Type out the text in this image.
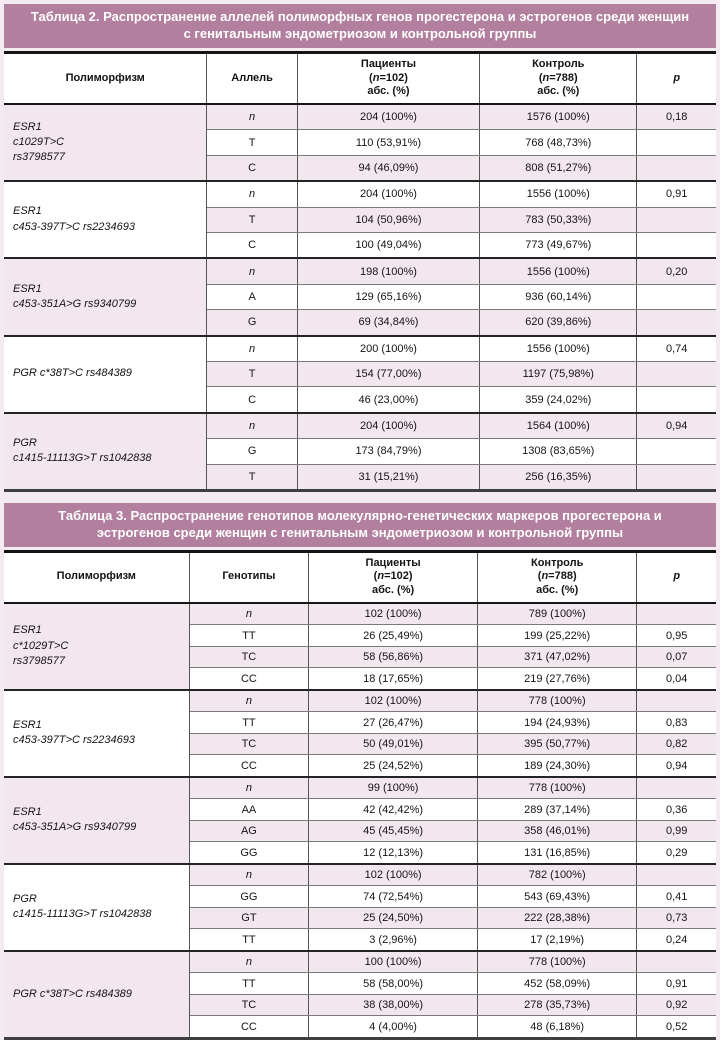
Таблица 2. Распространение аллелей полиморфных генов прогестерона и эстрогенов среди женщин с генитальным эндометриозом и контрольной группы
Полиморфизм	Аллель	Пациенты
(n=102)
абс. (%)	Контроль
(n=788)
абс. (%)	p
ESR1
c1029T>C
rs3798577	n	204 (100%)	1576 (100%)	0,18
	T	110 (53,91%)	768 (48,73%)	
	C	94 (46,09%)	808 (51,27%)	
ESR1
c453-397T>C rs2234693	n	204 (100%)	1556 (100%)	0,91
	T	104 (50,96%)	783 (50,33%)	
	C	100 (49,04%)	773 (49,67%)	
ESR1
c453-351A>G rs9340799	n	198 (100%)	1556 (100%)	0,20
	A	129 (65,16%)	936 (60,14%)	
	G	69 (34,84%)	620 (39,86%)	
PGR c*38T>C rs484389	n	200 (100%)	1556 (100%)	0,74
	T	154 (77,00%)	1197 (75,98%)	
	C	46 (23,00%)	359 (24,02%)	
PGR
c1415-11113G>T rs1042838	n	204 (100%)	1564 (100%)	0,94
	G	173 (84,79%)	1308 (83,65%)	
	T	31 (15,21%)	256 (16,35%)	
Таблица 3. Распространение генотипов молекулярно-генетических маркеров прогестерона и эстрогенов среди женщин с генитальным эндометриозом и контрольной группы
Полиморфизм	Генотипы	Пациенты
(n=102)
абс. (%)	Контроль
(n=788)
абс. (%)	p
ESR1
c*1029T>C
rs3798577	n	102 (100%)	789 (100%)	
	TT	26 (25,49%)	199 (25,22%)	0,95
	TC	58 (56,86%)	371 (47,02%)	0,07
	CC	18 (17,65%)	219 (27,76%)	0,04
ESR1
c453-397T>C rs2234693	n	102 (100%)	778 (100%)	
	TT	27 (26,47%)	194 (24,93%)	0,83
	TC	50 (49,01%)	395 (50,77%)	0,82
	CC	25 (24,52%)	189 (24,30%)	0,94
ESR1
c453-351A>G rs9340799	n	99 (100%)	778 (100%)	
	AA	42 (42,42%)	289 (37,14%)	0,36
	AG	45 (45,45%)	358 (46,01%)	0,99
	GG	12 (12,13%)	131 (16,85%)	0,29
PGR
c1415-11113G>T rs1042838	n	102 (100%)	782 (100%)	
	GG	74 (72,54%)	543 (69,43%)	0,41
	GT	25 (24,50%)	222 (28,38%)	0,73
	TT	3 (2,96%)	17 (2,19%)	0,24
PGR c*38T>C rs484389	n	100 (100%)	778 (100%)	
	TT	58 (58,00%)	452 (58,09%)	0,91
	TC	38 (38,00%)	278 (35,73%)	0,92
	CC	4 (4,00%)	48 (6,18%)	0,52
